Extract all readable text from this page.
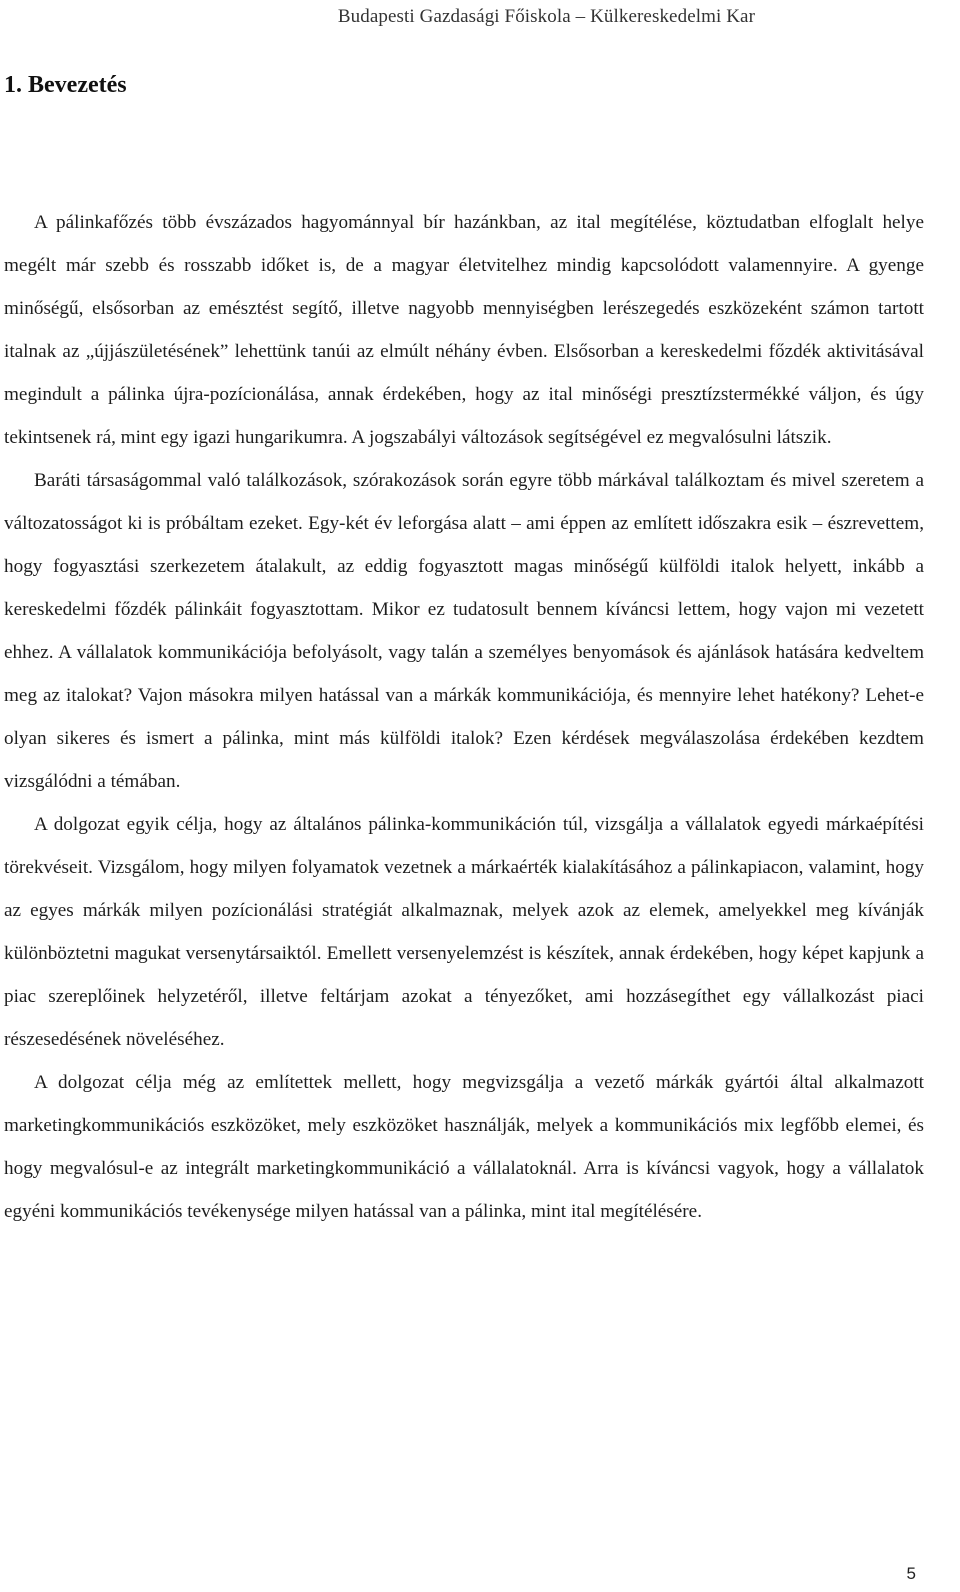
Budapesti Gazdasági Főiskola – Külkereskedelmi Kar
1. Bevezetés

A pálinkafőzés több évszázados hagyománnyal bír hazánkban, az ital megítélése, köztudatban elfoglalt helye megélt már szebb és rosszabb időket is, de a magyar életvitelhez mindig kapcsolódott valamennyire. A gyenge minőségű, elsősorban az emésztést segítő, illetve nagyobb mennyiségben lerészegedés eszközeként számon tartott italnak az „újjászületésének” lehettünk tanúi az elmúlt néhány évben. Elsősorban a kereskedelmi főzdék aktivitásával megindult a pálinka újra-pozícionálása, annak érdekében, hogy az ital minőségi presztízstermékké váljon, és úgy tekintsenek rá, mint egy igazi hungarikumra. A jogszabályi változások segítségével ez megvalósulni látszik.

Baráti társaságommal való találkozások, szórakozások során egyre több márkával találkoztam és mivel szeretem a változatosságot ki is próbáltam ezeket. Egy-két év leforgása alatt – ami éppen az említett időszakra esik – észrevettem, hogy fogyasztási szerkezetem átalakult, az eddig fogyasztott magas minőségű külföldi italok helyett, inkább a kereskedelmi főzdék pálinkáit fogyasztottam. Mikor ez tudatosult bennem kíváncsi lettem, hogy vajon mi vezetett ehhez. A vállalatok kommunikációja befolyásolt, vagy talán a személyes benyomások és ajánlások hatására kedveltem meg az italokat? Vajon másokra milyen hatással van a márkák kommunikációja, és mennyire lehet hatékony? Lehet-e olyan sikeres és ismert a pálinka, mint más külföldi italok? Ezen kérdések megválaszolása érdekében kezdtem vizsgálódni a témában.

A dolgozat egyik célja, hogy az általános pálinka-kommunikáción túl, vizsgálja a vállalatok egyedi márkaépítési törekvéseit. Vizsgálom, hogy milyen folyamatok vezetnek a márkaérték kialakításához a pálinkapiacon, valamint, hogy az egyes márkák milyen pozícionálási stratégiát alkalmaznak, melyek azok az elemek, amelyekkel meg kívánják különböztetni magukat versenytársaiktól. Emellett versenyelemzést is készítek, annak érdekében, hogy képet kapjunk a piac szereplőinek helyzetéről, illetve feltárjam azokat a tényezőket, ami hozzásegíthet egy vállalkozást piaci részesedésének növeléséhez.

A dolgozat célja még az említettek mellett, hogy megvizsgálja a vezető márkák gyártói által alkalmazott marketingkommunikációs eszközöket, mely eszközöket használják, melyek a kommunikációs mix legfőbb elemei, és hogy megvalósul-e az integrált marketingkommunikáció a vállalatoknál. Arra is kíváncsi vagyok, hogy a vállalatok egyéni kommunikációs tevékenysége milyen hatással van a pálinka, mint ital megítélésére.

5
